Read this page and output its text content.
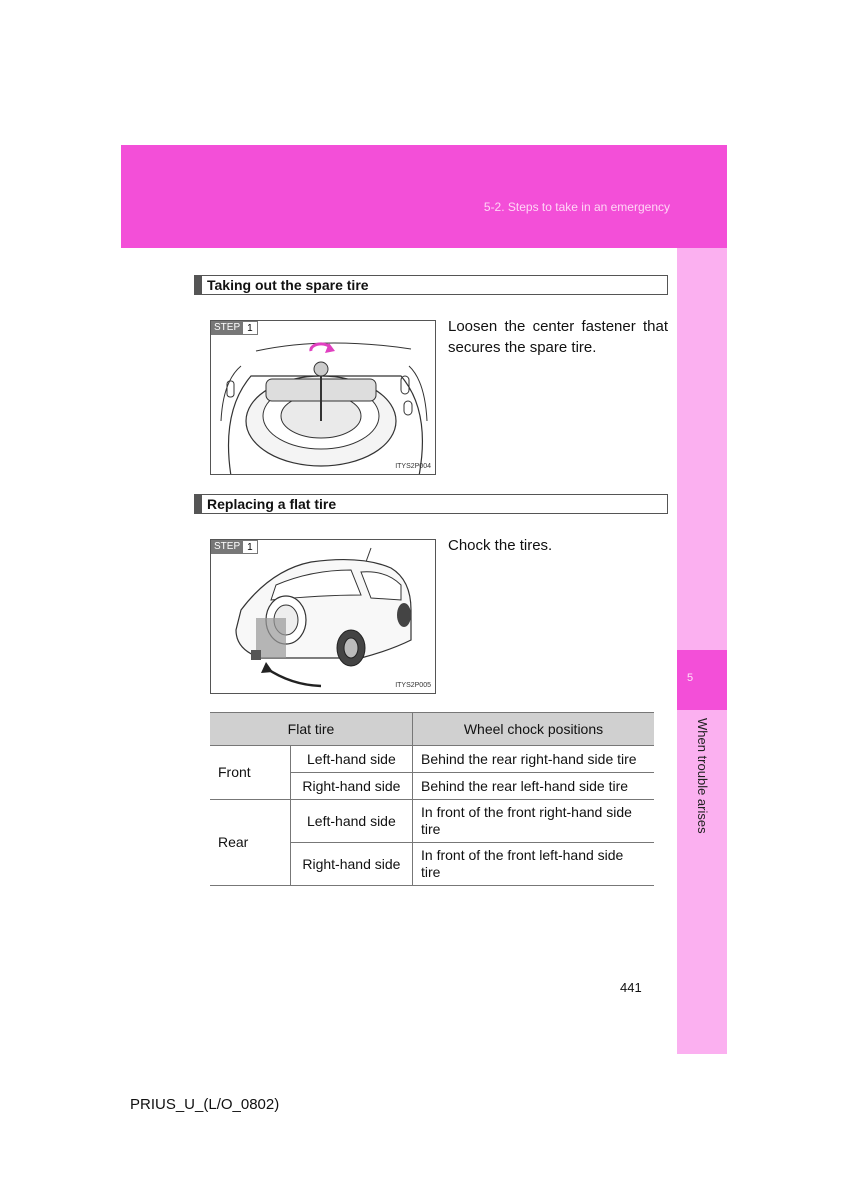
5-2. Steps to take in an emergency
5
When trouble arises
Taking out the spare tire
STEP 1
ITYS2P004
Loosen the center fastener that secures the spare tire.
Replacing a flat tire
STEP 1
ITYS2P005
Chock the tires.
Flat tire		Wheel chock positions
Front	Left-hand side	Behind the rear right-hand side tire
	Right-hand side	Behind the rear left-hand side tire
Rear	Left-hand side	In front of the front right-hand side tire
	Right-hand side	In front of the front left-hand side tire
441
PRIUS_U_(L/O_0802)
